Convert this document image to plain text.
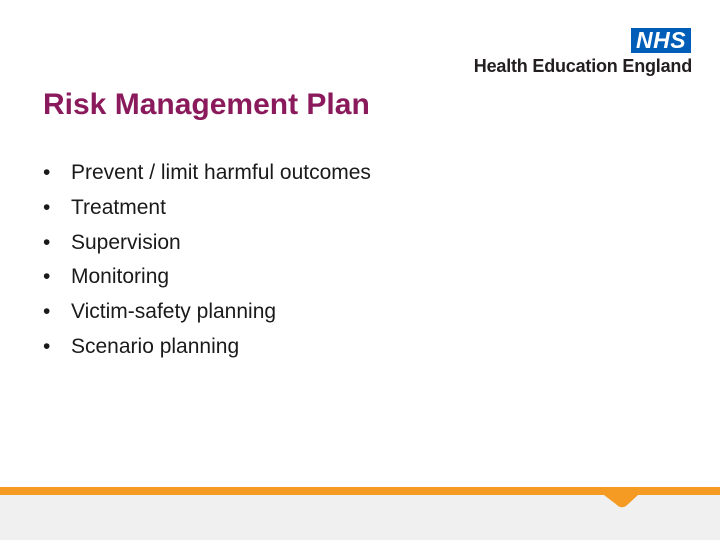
NHS
Health Education England
Risk Management Plan
• Prevent / limit harmful outcomes
• Treatment
• Supervision
• Monitoring
• Victim-safety planning
• Scenario planning
